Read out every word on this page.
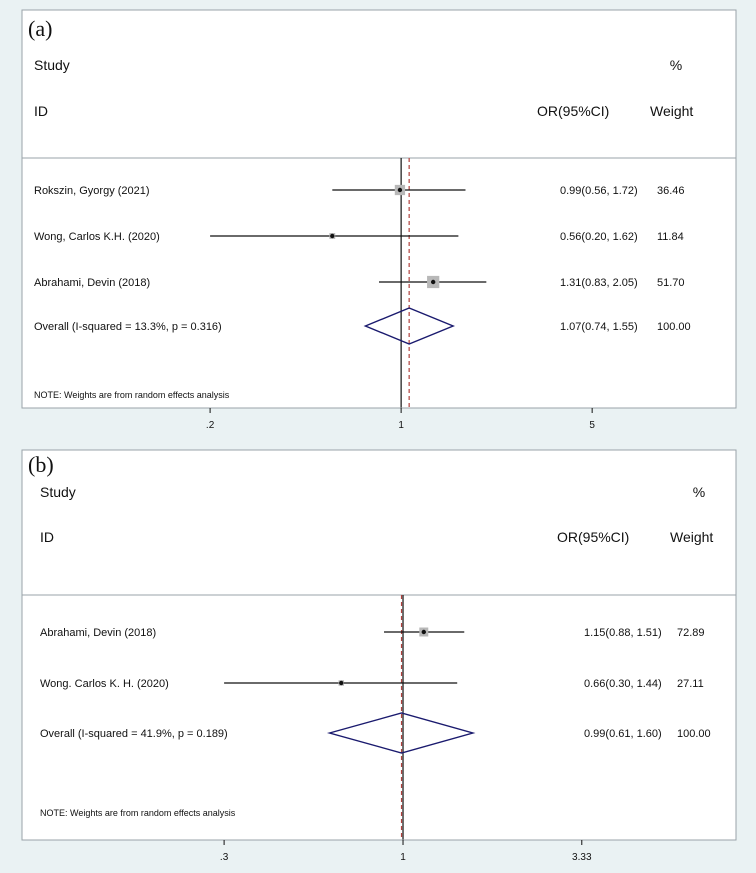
(a)
Study
ID
%
OR(95%CI)	Weight
Rokszin, Gyorgy (2021)	0.99(0.56, 1.72) 36.46
Wong, Carlos K.H. (2020)	0.56(0.20, 1.62) 11.84
Abrahami, Devin (2018)	1.31(0.83, 2.05) 51.70
Overall (I-squared = 13.3%, p = 0.316)	1.07(0.74, 1.55) 100.00
NOTE: Weights are from random effects analysis
.2	1	5
(b)
Study
ID
%
OR(95%CI)	Weight
Abrahami, Devin (2018)	1.15(0.88, 1.51) 72.89
Wong. Carlos K. H. (2020)	0.66(0.30, 1.44) 27.11
Overall (I-squared = 41.9%, p = 0.189)	0.99(0.61, 1.60) 100.00
NOTE: Weights are from random effects analysis
.3	1	3.33
